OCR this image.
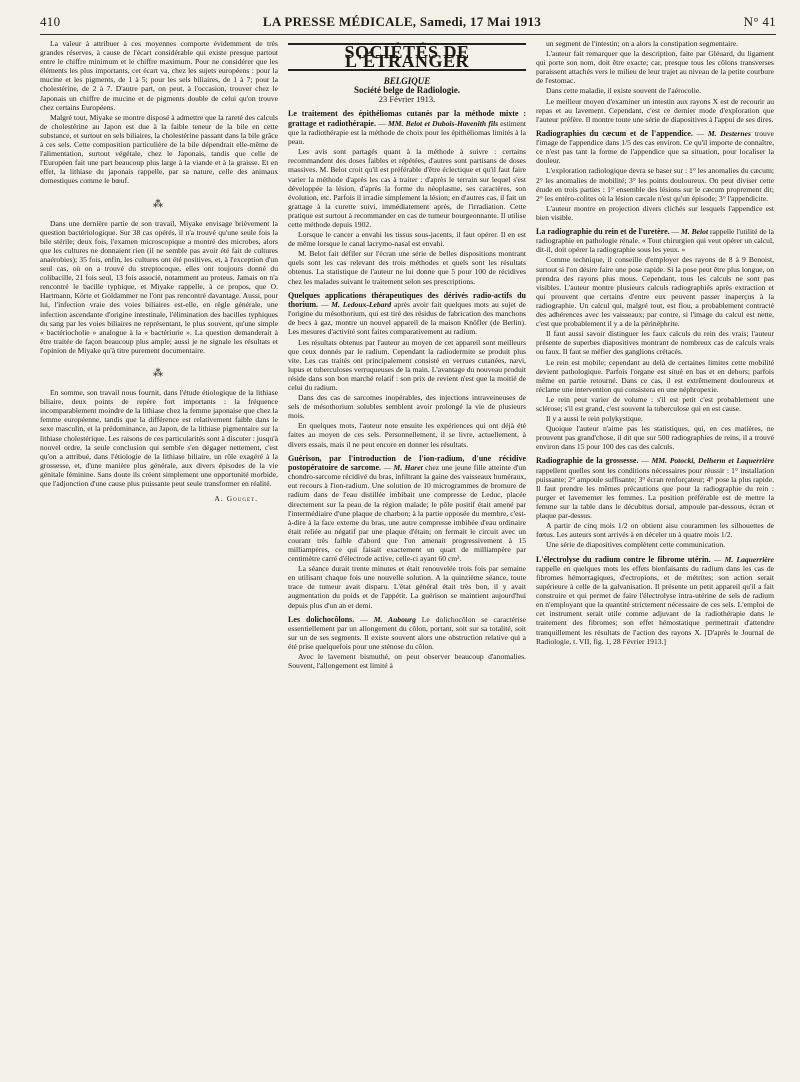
410	LA PRESSE MÉDICALE, Samedi, 17 Mai 1913	N° 41

La valeur à attribuer à ces moyennes comporte évidemment de très grandes réserves, à cause de l'écart considérable qui existe presque partout entre le chiffre minimum et le chiffre maximum. Pour ne considérer que les éléments les plus importants, cet écart va, chez les sujets européens : pour la mucine et les pigments, de 1 à 5; pour les sels biliaires, de 1 à 7; pour la cholestérine, de 2 à 7. D'autre part, on peut, à l'occasion, trouver chez le Japonais un chiffre de mucine et de pigments double de celui qu'on trouve chez certains Européens.

Malgré tout, Miyake se montre disposé à admettre que la rareté des calculs de cholestérine au Japon est due à la faible teneur de la bile en cette substance, et surtout en sels biliaires, la cholestérine passant dans la bile grâce à ces sels. Cette composition particulière de la bile dépendrait elle-même de l'alimentation, surtout végétale, chez le Japonais, tandis que celle de l'Européen fait une part beaucoup plus large à la viande et à la graisse. Et en effet, la lithiase du japonais rappelle, par sa nature, celle des animaux domestiques comme le bœuf.

⁂

Dans une dernière partie de son travail, Miyake envisage brièvement la question bactériologique. Sur 38 cas opérés, il n'a trouvé qu'une seule fois la bile stérile; deux fois, l'examen microscopique a montré des microbes, alors que les cultures ne donnaient rien (il ne semble pas avoir été fait de cultures anaérobies); 35 fois, enfin, les cultures ont été positives, et, à l'exception d'un seul cas, où on a trouvé du streptocoque, elles ont toujours donné du colibacille, 21 fois seul, 13 fois associé, notamment au proteus. Jamais on n'a rencontré le bacille typhique, et Miyake rappelle, à ce propos, que O. Hartmann, Körte et Goldammer ne l'ont pas rencontré davantage. Aussi, pour lui, l'infection vraie des voies biliaires est-elle, en règle générale, une infection ascendante d'origine intestinale, l'élimination des bacilles typhiques du sang par les voies biliaires ne représentant, le plus souvent, qu'une simple « bactériocholie » analogue à la « bactériurie ». La question demanderait à être traitée de façon beaucoup plus ample; aussi je ne signale les résultats et l'opinion de Miyake qu'à titre purement documentaire.

⁂

En somme, son travail nous fournit, dans l'étude étiologique de la lithiase biliaire, deux points de repère fort importants : la fréquence incomparablement moindre de la lithiase chez la femme japonaise que chez la femme européenne, tandis que la différence est relativement faible dans le sexe masculin, et la prédominance, au Japon, de la lithiase pigmentaire sur la lithiase cholestérique. Les raisons de ces particularités sont à discuter : jusqu'à nouvel ordre, la seule conclusion qui semble s'en dégager nettement, c'est qu'on a attribué, dans l'étiologie de la lithiase biliaire, un rôle exagéré à la grossesse, et, d'une manière plus générale, aux divers épisodes de la vie génitale féminine. Sans doute ils créent simplement une opportunité morbide, que l'adjonction d'une cause plus puissante peut seule transformer en réalité.

A. Gouget.
SOCIÉTÉS DE L'ÉTRANGER
BELGIQUE
Société belge de Radiologie.
23 Février 1913.

Le traitement des épithéliomas cutanés par la méthode mixte : grattage et radiothérapie. — MM. Belot et Dubois-Havenith fils estiment que la radiothérapie est la méthode de choix pour les épithéliomas limités à la peau.

Les avis sont partagés quant à la méthode à suivre : certains recommandent des doses faibles et répétées, d'autres sont partisans de doses massives. M. Belot croit qu'il est préférable d'être éclectique et qu'il faut faire varier la méthode d'après les cas à traiter : d'après le terrain sur lequel s'est développée la lésion, d'après la forme du néoplasme, ses caractères, son évolution, etc. Parfois il irradie simplement la lésion; en d'autres cas, il fait un grattage à la curette suivi, immédiatement après, de l'irradiation. Cette pratique est surtout à recommander en cas de tumeur bourgeonnante. Il utilise cette méthode depuis 1902.

Lorsque le cancer a envahi les tissus sous-jacents, il faut opérer. Il en est de même lorsque le canal lacrymo-nasal est envahi.

M. Belot fait défiler sur l'écran une série de belles dispositions montrant quels sont les cas relevant des trois méthodes et quels sont les résultats obtenus. La statistique de l'auteur ne lui donne que 5 pour 100 de récidives chez les malades suivant le traitement selon ses prescriptions.

Quelques applications thérapeutiques des dérivés radio-actifs du thorium. — M. Ledoux-Lebard après avoir fait quelques mots au sujet de l'origine du mésothorium, qui est tiré des résidus de fabrication des manchons de becs à gaz, montre un nouvel appareil de la maison Knöfler (de Berlin). Les mesures d'activité sont faites comparativement au radium.

Les résultats obtenus par l'auteur au moyen de cet appareil sont meilleurs que ceux donnés par le radium. Cependant la radiodermite se produit plus vite. Les cas traités ont principalement consisté en verrues cutanées, nævi, lupus et tuberculoses verruqueuses de la main. L'avantage du nouveau produit réside dans son bon marché relatif : son prix de revient n'est que la moitié de celui du radium.

Dans des cas de sarcomes inopérables, des injections intraveineuses de sels de mésothorium solubles semblent avoir prolongé la vie de plusieurs mois.

En quelques mots, l'auteur note ensuite les expériences qui ont déjà été faites au moyen de ces sels. Personnellement, il se livre, actuellement, à divers essais, mais il ne peut encore en donner les résultats.

Guérison, par l'introduction de l'ion-radium, d'une récidive postopératoire de sarcome. — M. Haret chez une jeune fille atteinte d'un chondro-sarcome récidivé du bras, infiltrant la gaine des vaisseaux huméraux, eut recours à l'ion-radium. Une solution de 10 microgrammes de bromure de radium dans de l'eau distillée imbibait une compresse de Leduc, placée directement sur la peau de la région malade; le pôle positif était amené par l'intermédiaire d'une plaque de charbon; à la partie opposée du membre, c'est-à-dire à la face externe du bras, une autre compresse imbibée d'eau ordinaire était reliée au négatif par une plaque d'étain; on fermait le circuit avec un courant très faible d'abord que l'on amenait progressivement à 15 milliampères, ce qui faisait exactement un quart de milliampère par centimètre carré d'électrode active, celle-ci ayant 60 cm².

La séance durait trente minutes et était renouvelée trois fois par semaine en utilisant chaque fois une nouvelle solution. A la quinzième séance, toute trace de tumeur avait disparu. L'état général était très bon, il y avait augmentation du poids et de l'appétit. La guérison se maintient aujourd'hui depuis plus d'un an et demi.

Les dolichocôlons. — M. Aubourg Le dolichocôlon se caractérise essentiellement par un allongement du côlon, portant, soit sur sa totalité, soit sur un de ses segments. Il existe souvent alors une obstruction relative qui a été prise quelquefois pour une sténose du côlon.

Avec le lavement bismuthé, on peut observer beaucoup d'anomalies. Souvent, l'allongement est limité à

un segment de l'intestin; on a alors la constipation segmentaire.

L'auteur fait remarquer que la description, faite par Gléuard, du ligament qui porte son nom, doit être exacte; car, presque tous les côlons transverses paraissent attachés vers le milieu de leur trajet au niveau de la petite courbure de l'estomac.

Dans cette maladie, il existe souvent de l'aérocolie.

Le meilleur moyen d'examiner un intestin aux rayons X est de recourir au repas et au lavement. Cependant, c'est ce dernier mode d'exploration que l'auteur préfère. Il montre toute une série de diapositives à l'appui de ses dires.

Radiographies du cæcum et de l'appendice. — M. Desternes trouve l'image de l'appendice dans 1/5 des cas environ. Ce qu'il importe de connaître, ce n'est pas tant la forme de l'appendice que sa situation, pour localiser la douleur.

L'exploration radiologique devra se baser sur : 1° les anomalies du cæcum; 2° les anomalies de mobilité; 3° les points douloureux. On peut diviser cette étude en trois parties : 1° ensemble des lésions sur le cæcum proprement dit; 2° les entéro-colites où la lésion cæcale n'est qu'un épisode; 3° l'appendicite.

L'auteur montre en projection divers clichés sur lesquels l'appendice est bien visible.

La radiographie du rein et de l'uretère. — M. Belot rappelle l'utilité de la radiographie en pathologie rénale. « Tout chirurgien qui veut opérer un calcul, dit-il, doit opérer la radiographie sous les yeux. »

Comme technique, il conseille d'employer des rayons de 8 à 9 Benoist, surtout si l'on désire faire une pose rapide. Si la pose peut être plus longue, on prendra des rayons plus mous. Cependant, tous les calculs ne sont pas visibles. L'auteur montre plusieurs calculs radiographiés après extraction et qui prouvent que certains d'entre eux peuvent passer inaperçus à la radiographie. Un calcul qui, malgré tout, est flou, a probablement contracté des adhérences avec les vaisseaux; par contre, si l'image du calcul est nette, c'est que probablement il y a de la périnéphrite.

Il faut aussi savoir distinguer les faux calculs du rein des vrais; l'auteur présente de superbes diapositives montrant de nombreux cas de calculs vrais ou faux. Il faut se méfier des ganglions crétacés.

Le rein est mobile; cependant au delà de certaines limites cette mobilité devient pathologique. Parfois l'organe est situé en bas et en dehors; parfois même en partie retourné. Dans ce cas, il est extrêmement douloureux et réclame une intervention qui consistera en une néphropexie.

Le rein peut varier de volume : s'il est petit c'est probablement une sclérose; s'il est grand, c'est souvent la tuberculose qui en est cause.

Il y a aussi le rein polykystique.

Quoique l'auteur n'aime pas les statistiques, qui, en ces matières, ne prouvent pas grand'chose, il dit que sur 500 radiographies de reins, il a trouvé environ dans 15 pour 100 des cas des calculs.

Radiographie de la grossesse. — MM. Potocki, Delherm et Laquerrière rappellent quelles sont les conditions nécessaires pour réussir : 1° installation puissante; 2° ampoule suffisante; 3° écran renforçateur; 4° pose la plus rapide. Il faut prendre les mêmes précautions que pour la radiographie du rein : purger et lavementer les femmes. La position préférable est de mettre la femme sur la table dans le décubitus dorsal, ampoule par-dessous, écran et plaque par-dessus.

A partir de cinq mois 1/2 on obtient aisu courammen les silhouettes de fœtus. Les auteurs sont arrivés à en déceler un à quatre mois 1/2.

Une série de diapositives complètent cette communication.

L'électrolyse du radium contre le fibrome utérin. — M. Laquerrière rappelle en quelques mots les effets bienfaisants du radium dans les cas de fibromes hémorragiques, d'ectropions, et de métrites; son action serait supérieure à celle de la galvanisation. Il présente un petit appareil qu'il a fait construire et qui permet de faire l'électrolyse intra-utérine de sels de radium en n'employant que la quantité strictement nécessaire de ces sels. L'emploi de cet instrument serait utile comme adjuvant de la radiothérapie dans le traitement des fibromes; son effet hémostatique permettrait d'attendre tranquillement les résultats de l'action des rayons X. [D'après le Journal de Radiologie, t. VII, fig. 1, 28 Février 1913.]
